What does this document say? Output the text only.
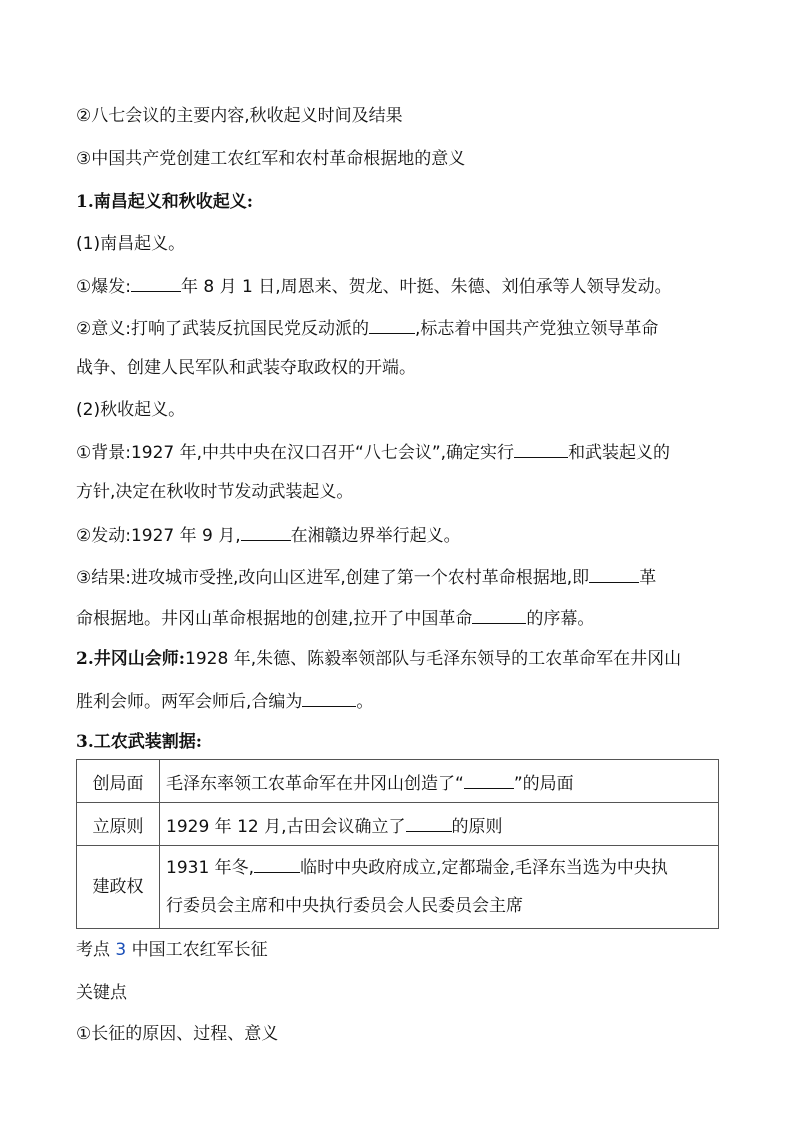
②八七会议的主要内容,秋收起义时间及结果
③中国共产党创建工农红军和农村革命根据地的意义
1.南昌起义和秋收起义:
(1)南昌起义。
①爆发:	年 8 月 1 日,周恩来、贺龙、叶挺、朱德、刘伯承等人领导发动。
②意义:打响了武装反抗国民党反动派的	,标志着中国共产党独立领导革命
战争、创建人民军队和武装夺取政权的开端。
(2)秋收起义。
①背景:1927 年,中共中央在汉口召开“八七会议”,确定实行	和武装起义的
方针,决定在秋收时节发动武装起义。
②发动:1927 年 9 月,	在湘赣边界举行起义。
③结果:进攻城市受挫,改向山区进军,创建了第一个农村革命根据地,即	革
命根据地。井冈山革命根据地的创建,拉开了中国革命	的序幕。
2.井冈山会师:1928 年,朱德、陈毅率领部队与毛泽东领导的工农革命军在井冈山
胜利会师。两军会师后,合编为	。
3.工农武装割据:
创局面	毛泽东率领工农革命军在井冈山创造了“ ”的局面
立原则	1929 年 12 月,古田会议确立了 的原则
建政权	1931 年冬, 临时中央政府成立,定都瑞金,毛泽东当选为中央执
行委员会主席和中央执行委员会人民委员会主席
考点 3 中国工农红军长征
关键点
①长征的原因、过程、意义
